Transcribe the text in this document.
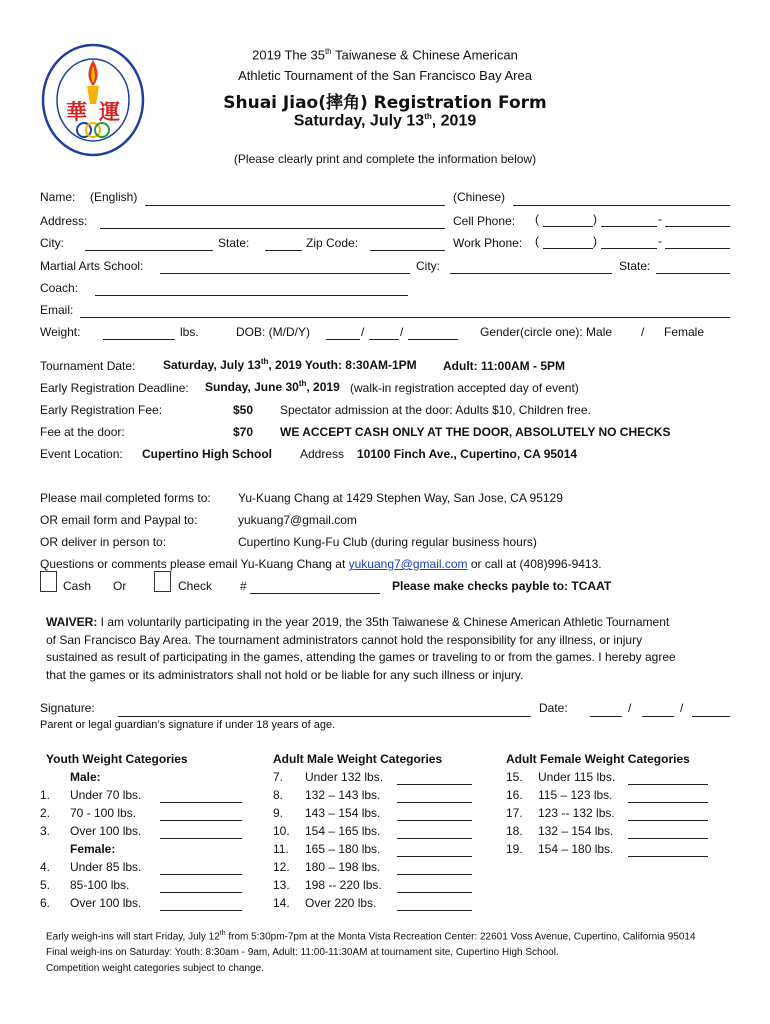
華運
2019 The 35th Taiwanese & Chinese American
Athletic Tournament of the San Francisco Bay Area
Shuai Jiao(摔角) Registration Form
Saturday, July 13th, 2019
(Please clearly print and complete the information below)
Name: (English)	(Chinese)
Address:	Cell Phone: (	)	-
City:	State:	Zip Code:	Work Phone: (	)	-
Martial Arts School:	City:	State:
Coach:
Email:
Weight:	lbs.	DOB: (M/D/Y)	/	/	Gender(circle one): Male / Female
Tournament Date: Saturday, July 13th, 2019 Youth: 8:30AM-1PM Adult: 11:00AM - 5PM
Early Registration Deadline: Sunday, June 30th, 2019 (walk-in registration accepted day of event)
Early Registration Fee:	$50 Spectator admission at the door: Adults $10, Children free.
Fee at the door:	$70 WE ACCEPT CASH ONLY AT THE DOOR, ABSOLUTELY NO CHECKS
Event Location: Cupertino High School Address 10100 Finch Ave., Cupertino, CA 95014
Please mail completed forms to: Yu-Kuang Chang at 1429 Stephen Way, San Jose, CA 95129
OR email form and Paypal to:	yukuang7@gmail.com
OR deliver in person to:	Cupertino Kung-Fu Club (during regular business hours)
Questions or comments please email Yu-Kuang Chang at yukuang7@gmail.com or call at (408)996-9413.
Cash Or	Check #	Please make checks payble to: TCAAT
WAIVER: I am voluntarily participating in the year 2019, the 35th Taiwanese & Chinese American Athletic Tournament
of San Francisco Bay Area. The tournament administrators cannot hold the responsibility for any illness, or injury
sustained as result of participating in the games, attending the games or traveling to or from the games. I hereby agree
that the games or its administrators shall not hold or be liable for any such illness or injury.
Signature:	Date:	/	/
Parent or legal guardian’s signature if under 18 years of age.
Youth Weight Categories
Male:
1. Under 70 lbs.
2. 70 - 100 lbs.
3. Over 100 lbs.
Female:
4. Under 85 lbs.
5. 85-100 lbs.
6. Over 100 lbs.
Adult Male Weight Categories
7. Under 132 lbs.
8. 132 – 143 lbs.
9. 143 – 154 lbs.
10. 154 – 165 lbs.
11. 165 – 180 lbs.
12. 180 – 198 lbs.
13. 198 -- 220 lbs.
14. Over 220 lbs.
Adult Female Weight Categories
15. Under 115 lbs.
16. 115 – 123 lbs.
17. 123 -- 132 lbs.
18. 132 – 154 lbs.
19. 154 – 180 lbs.
Early weigh-ins will start Friday, July 12th from 5:30pm-7pm at the Monta Vista Recreation Center: 22601 Voss Avenue, Cupertino, California 95014
Final weigh-ins on Saturday: Youth: 8:30am - 9am, Adult: 11:00-11:30AM at tournament site, Cupertino High School.
Competition weight categories subject to change.
